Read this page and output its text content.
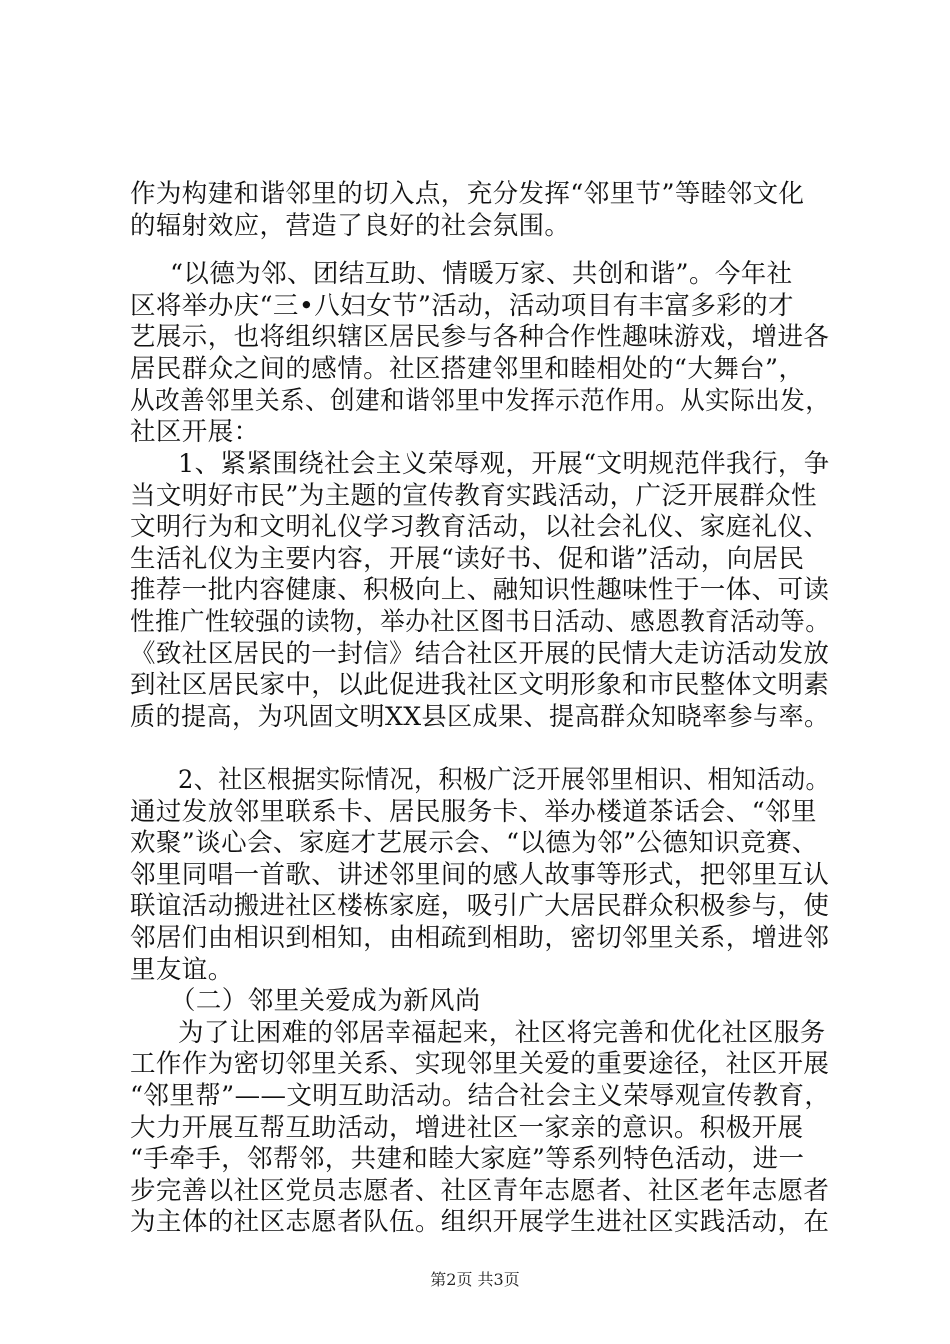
作为构建和谐邻里的切入点，充分发挥“邻里节”等睦邻文化
的辐射效应，营造了良好的社会氛围。
“以德为邻、团结互助、情暖万家、共创和谐”。今年社
区将举办庆“三•八妇女节”活动，活动项目有丰富多彩的才
艺展示，也将组织辖区居民参与各种合作性趣味游戏，增进各
居民群众之间的感情。社区搭建邻里和睦相处的“大舞台”，
从改善邻里关系、创建和谐邻里中发挥示范作用。从实际出发，
社区开展：
1、紧紧围绕社会主义荣辱观，开展“文明规范伴我行，争
当文明好市民”为主题的宣传教育实践活动，广泛开展群众性
文明行为和文明礼仪学习教育活动，以社会礼仪、家庭礼仪、
生活礼仪为主要内容，开展“读好书、促和谐”活动，向居民
推荐一批内容健康、积极向上、融知识性趣味性于一体、可读
性推广性较强的读物，举办社区图书日活动、感恩教育活动等。
《致社区居民的一封信》结合社区开展的民情大走访活动发放
到社区居民家中，以此促进我社区文明形象和市民整体文明素
质的提高，为巩固文明XX县区成果、提高群众知晓率参与率。
2、社区根据实际情况，积极广泛开展邻里相识、相知活动。
通过发放邻里联系卡、居民服务卡、举办楼道茶话会、“邻里
欢聚”谈心会、家庭才艺展示会、“以德为邻”公德知识竞赛、
邻里同唱一首歌、讲述邻里间的感人故事等形式，把邻里互认
联谊活动搬进社区楼栋家庭，吸引广大居民群众积极参与，使
邻居们由相识到相知，由相疏到相助，密切邻里关系，增进邻
里友谊。
（二）邻里关爱成为新风尚
为了让困难的邻居幸福起来，社区将完善和优化社区服务
工作作为密切邻里关系、实现邻里关爱的重要途径，社区开展
“邻里帮”——文明互助活动。结合社会主义荣辱观宣传教育，
大力开展互帮互助活动，增进社区一家亲的意识。积极开展
“手牵手，邻帮邻，共建和睦大家庭”等系列特色活动，进一
步完善以社区党员志愿者、社区青年志愿者、社区老年志愿者
为主体的社区志愿者队伍。组织开展学生进社区实践活动，在
第2页 共3页
